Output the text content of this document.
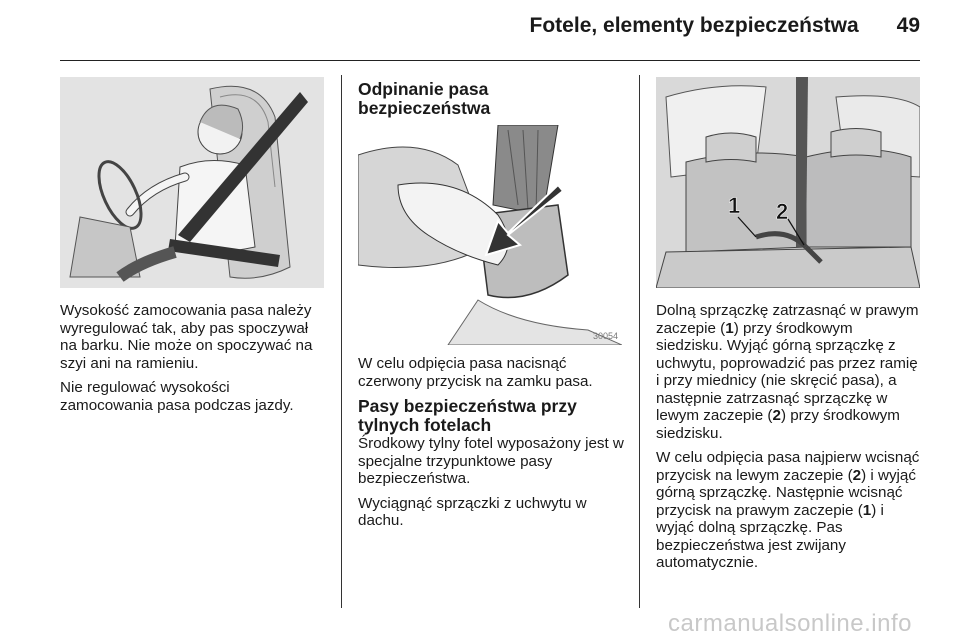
Fotele, elementy bezpieczeństwa 49

Wysokość zamocowania pasa należy wyregulować tak, aby pas spoczywał na barku. Nie może on spoczywać na szyi ani na ramieniu.

Nie regulować wysokości zamocowania pasa podczas jazdy.

Odpinanie pasa bezpieczeństwa
30054

W celu odpięcia pasa nacisnąć czerwony przycisk na zamku pasa.

Pasy bezpieczeństwa przy tylnych fotelach

Środkowy tylny fotel wyposażony jest w specjalne trzypunktowe pasy bezpieczeństwa.

Wyciągnąć sprzączki z uchwytu w dachu.

1 2

Dolną sprzączkę zatrzasnąć w prawym zaczepie (1) przy środkowym siedzisku. Wyjąć górną sprzączkę z uchwytu, poprowadzić pas przez ramię i przy miednicy (nie skręcić pasa), a następnie zatrzasnąć sprzączkę w lewym zaczepie (2) przy środkowym siedzisku.

W celu odpięcia pasa najpierw wcisnąć przycisk na lewym zaczepie (2) i wyjąć górną sprzączkę. Następnie wcisnąć przycisk na prawym zaczepie (1) i wyjąć dolną sprzączkę. Pas bezpieczeństwa jest zwijany automatycznie.

carmanualsonline.info
